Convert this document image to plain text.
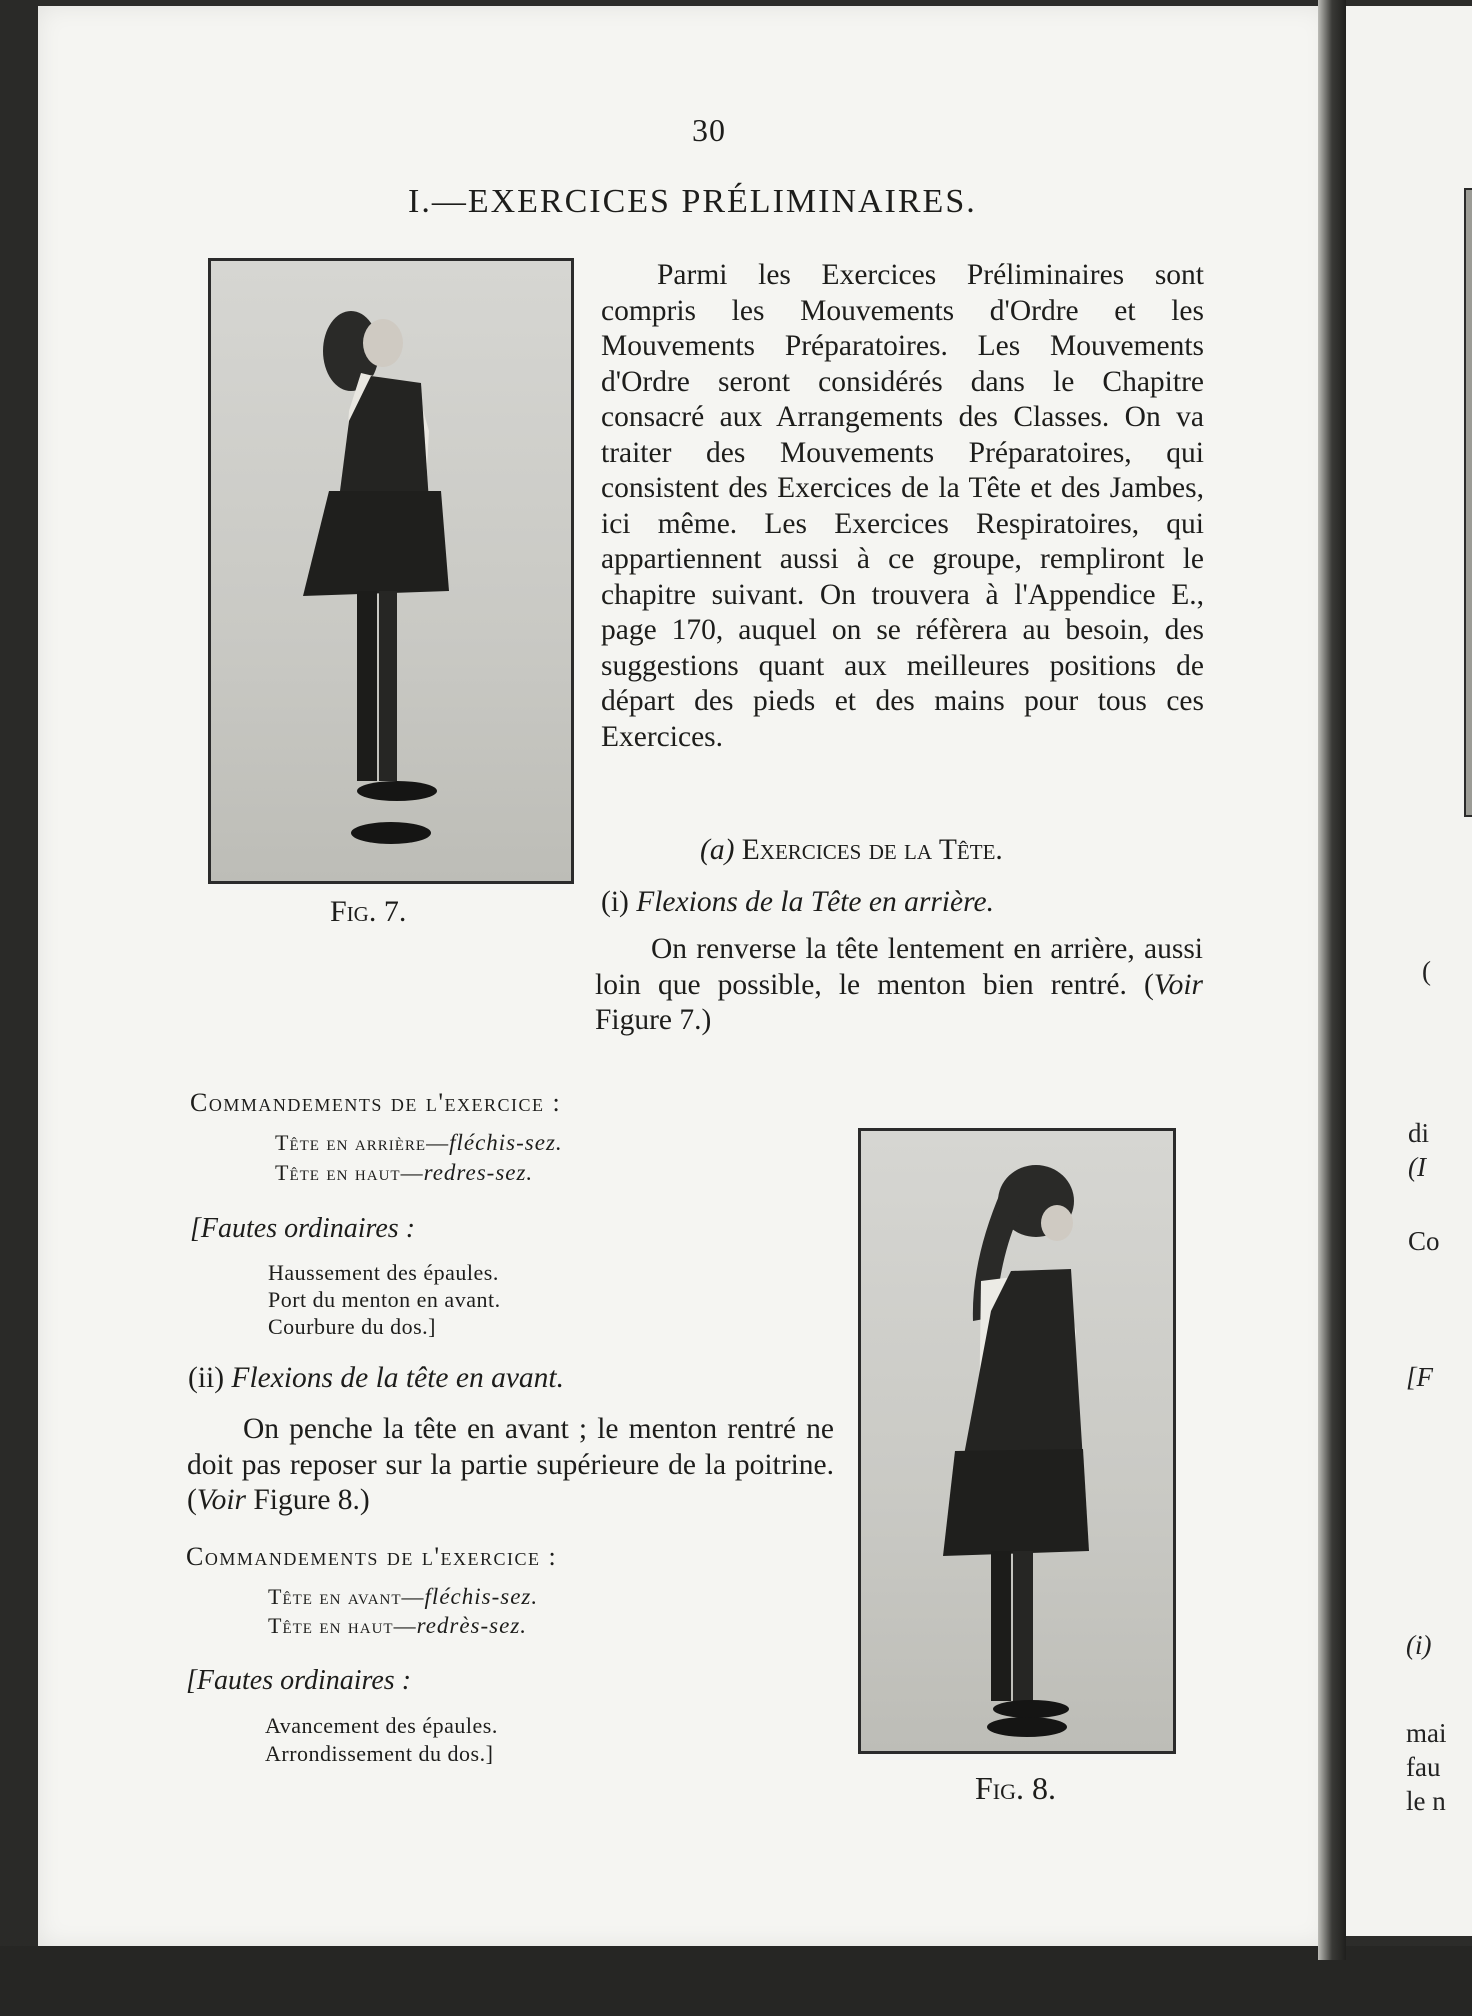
(
di
(I
Co
[F
(i)
mai
fau
le n
30
I.—EXERCICES PRÉLIMINAIRES.
Fig. 7.
Parmi les Exercices Préliminaires sont compris les Mouvements d'Ordre et les Mouvements Préparatoires. Les Mouvements d'Ordre seront considérés dans le Chapitre consacré aux Arrangements des Classes. On va traiter des Mouvements Préparatoires, qui consistent des Exercices de la Tête et des Jambes, ici même. Les Exercices Respiratoires, qui appartiennent aussi à ce groupe, rempliront le chapitre suivant. On trouvera à l'Appendice E., page 170, auquel on se réfèrera au besoin, des suggestions quant aux meilleures positions de départ des pieds et des mains pour tous ces Exercices.
(a) Exercices de la Tête.
(i) Flexions de la Tête en arrière.
On renverse la tête lentement en arrière, aussi loin que possible, le menton bien rentré. (Voir Figure 7.)
Commandements de l'exercice :
Tête en arrière—fléchis-sez.
Tête en haut—redres-sez.
[Fautes ordinaires :
Haussement des épaules.
Port du menton en avant.
Courbure du dos.]
(ii) Flexions de la tête en avant.
On penche la tête en avant ; le menton rentré ne doit pas reposer sur la partie supérieure de la poitrine. (Voir Figure 8.)
Commandements de l'exercice :
Tête en avant—fléchis-sez.
Tête en haut—redrès-sez.
[Fautes ordinaires :
Avancement des épaules.
Arrondissement du dos.]
Fig. 8.
